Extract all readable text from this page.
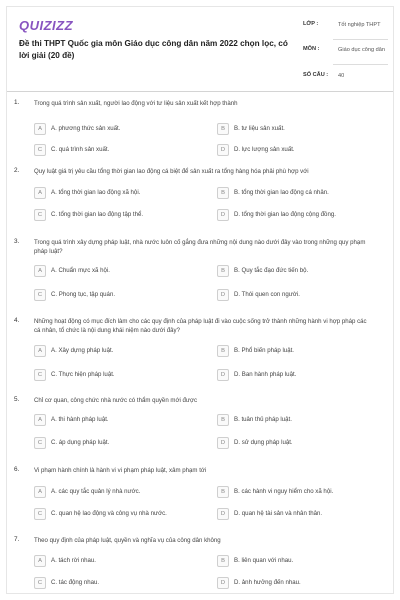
QUIZIZZ
Đề thi THPT Quốc gia môn Giáo dục công dân năm 2022 chọn lọc, có lời giải (20 đề)
LỚP :	Tốt nghiệp THPT
MÔN :	Giáo dục công dân
SỐ CÂU : 40
1. Trong quá trình sản xuất, người lao động với tư liệu sản xuất kết hợp thành
A	A. phương thức sản xuất.	B	B. tư liệu sản xuất.
C	C. quá trình sản xuất.	D	D. lực lượng sản xuất.
2. Quy luật giá trị yêu cầu tổng thời gian lao động cá biệt để sản xuất ra tổng hàng hóa phải phù hợp với
A	A. tổng thời gian lao động xã hội.	B	B. tổng thời gian lao động cá nhân.
C	C. tổng thời gian lao động tập thể.	D	D. tổng thời gian lao động cộng đồng.
3. Trong quá trình xây dựng pháp luật, nhà nước luôn cố gắng đưa những nội dung nào dưới đây vào trong những quy phạm pháp luật?
A	A. Chuẩn mực xã hội.	B	B. Quy tắc đạo đức tiến bộ.
C	C. Phong tục, tập quán.	D	D. Thói quen con người.
4. Những hoạt động có mục đích làm cho các quy định của pháp luật đi vào cuộc sống trở thành những hành vi hợp pháp các cá nhân, tổ chức là nội dung khái niệm nào dưới đây?
A	A. Xây dựng pháp luật.	B	B. Phổ biến pháp luật.
C	C. Thực hiện pháp luật.	D	D. Ban hành pháp luật.
5. Chỉ cơ quan, công chức nhà nước có thẩm quyền mới được
A	A. thi hành pháp luật.	B	B. tuân thủ pháp luật.
C	C. áp dụng pháp luật.	D	D. sử dụng pháp luật.
6. Vi phạm hành chính là hành vi vi phạm pháp luật, xâm phạm tới
A	A. các quy tắc quản lý nhà nước.	B	B. các hành vi nguy hiểm cho xã hội.
C	C. quan hệ lao động và công vụ nhà nước.	D	D. quan hệ tài sản và nhân thân.
7. Theo quy định của pháp luật, quyền và nghĩa vụ của công dân không
A	A. tách rời nhau.	B	B. liên quan với nhau.
C	C. tác động nhau.	D	D. ảnh hưởng đến nhau.
